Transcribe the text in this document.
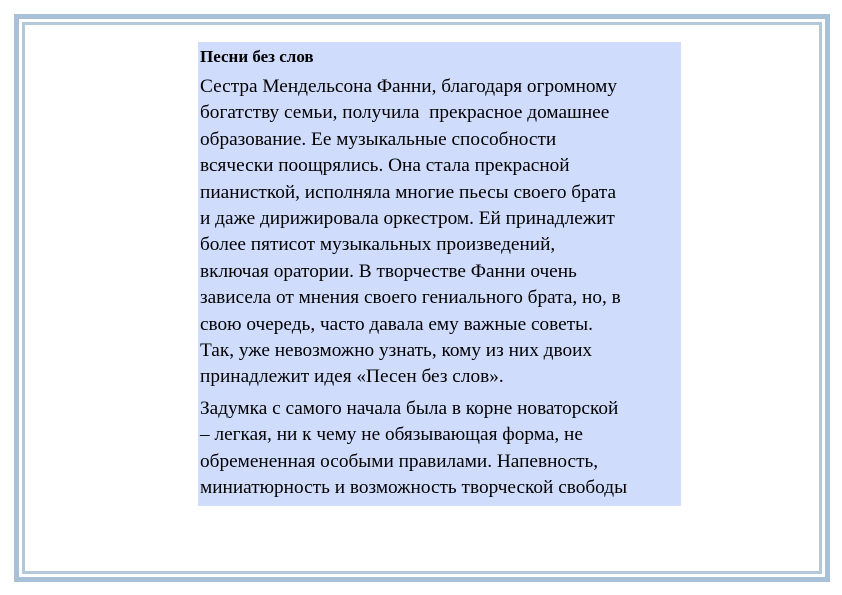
Песни без слов

Сестра Мендельсона Фанни, благодаря огромному
богатству семьи, получила  прекрасное домашнее
образование. Ее музыкальные способности
всячески поощрялись. Она стала прекрасной
пианисткой, исполняла многие пьесы своего брата
и даже дирижировала оркестром. Ей принадлежит
более пятисот музыкальных произведений,
включая оратории. В творчестве Фанни очень
зависела от мнения своего гениального брата, но, в
свою очередь, часто давала ему важные советы.
Так, уже невозможно узнать, кому из них двоих
принадлежит идея «Песен без слов».

Задумка с самого начала была в корне новаторской
– легкая, ни к чему не обязывающая форма, не
обремененная особыми правилами. Напевность,
миниатюрность и возможность творческой свободы
